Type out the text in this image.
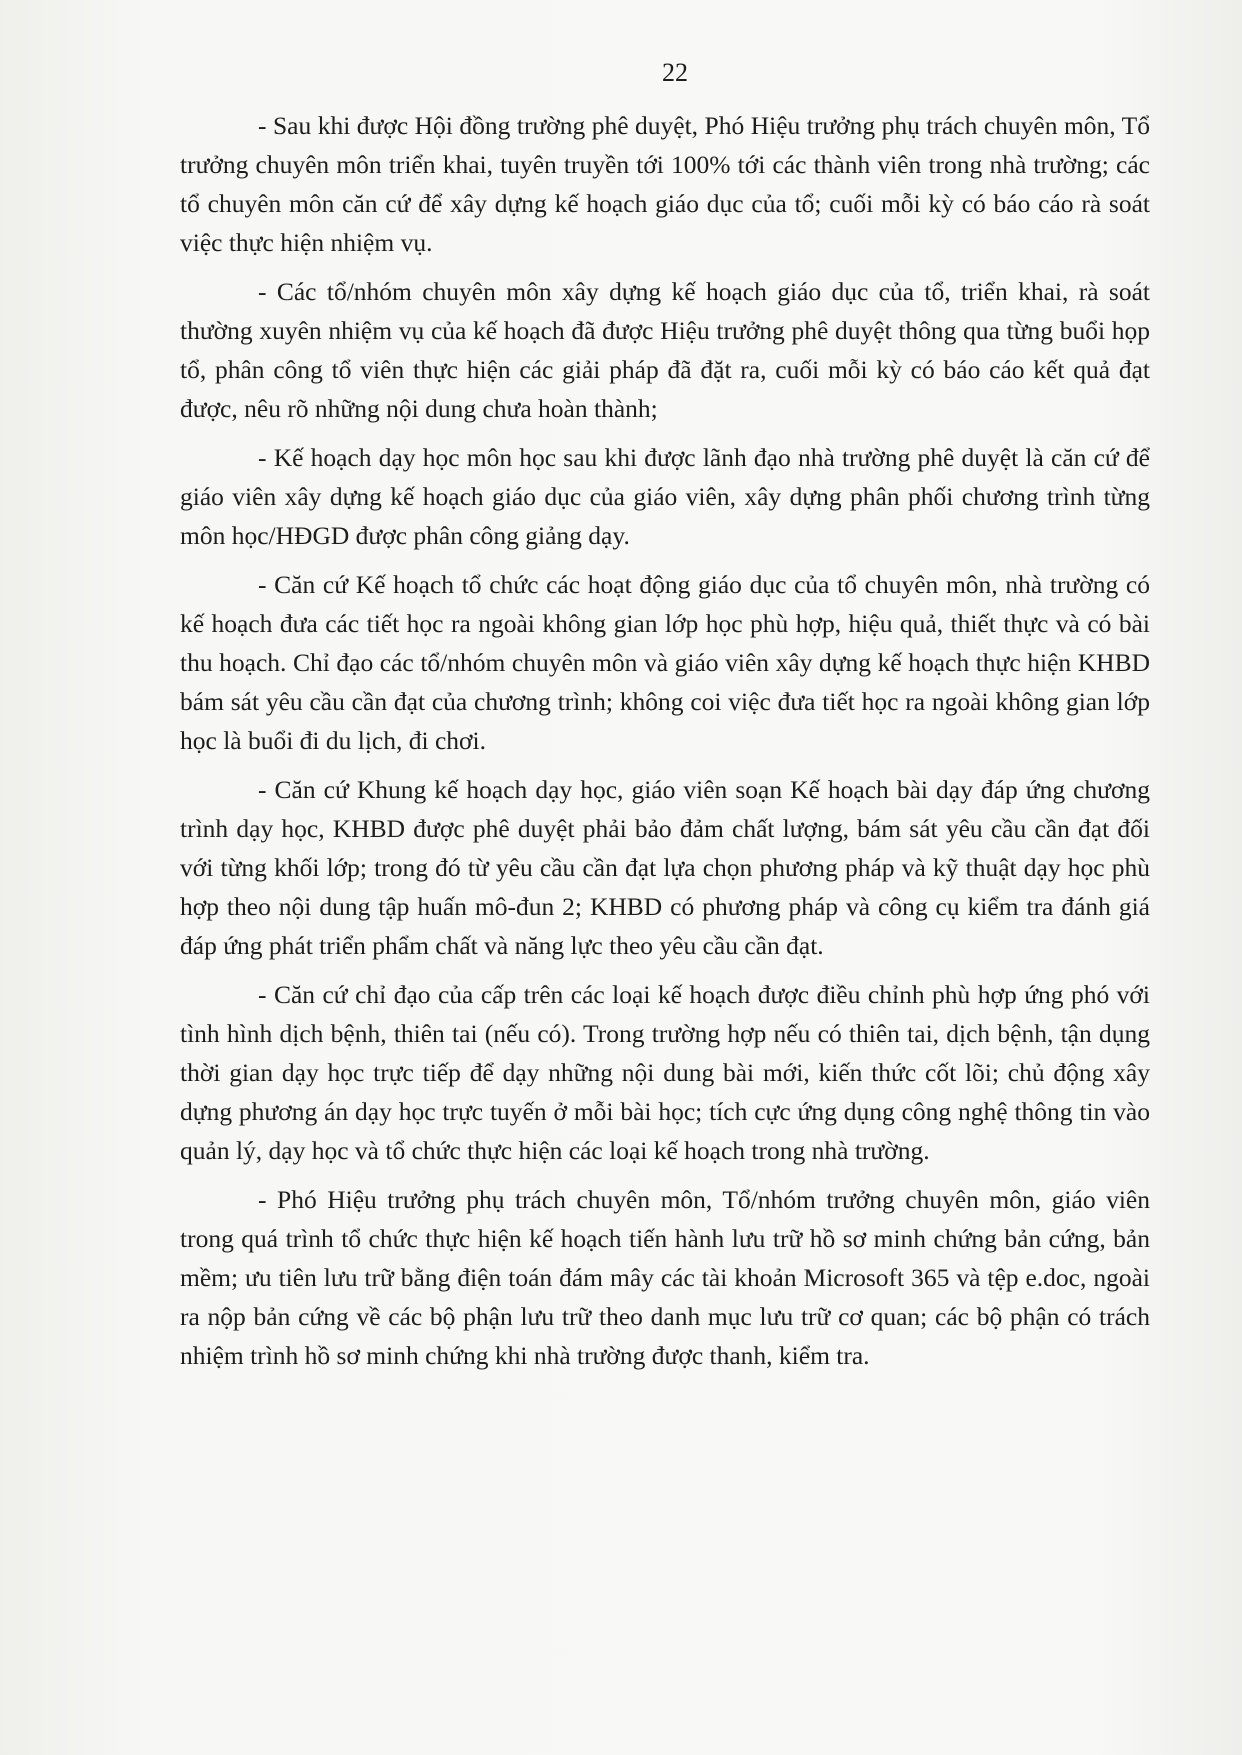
22

- Sau khi được Hội đồng trường phê duyệt, Phó Hiệu trưởng phụ trách chuyên môn, Tổ trưởng chuyên môn triển khai, tuyên truyền tới 100% tới các thành viên trong nhà trường; các tổ chuyên môn căn cứ để xây dựng kế hoạch giáo dục của tổ; cuối mỗi kỳ có báo cáo rà soát việc thực hiện nhiệm vụ.

- Các tổ/nhóm chuyên môn xây dựng kế hoạch giáo dục của tổ, triển khai, rà soát thường xuyên nhiệm vụ của kế hoạch đã được Hiệu trưởng phê duyệt thông qua từng buổi họp tổ, phân công tổ viên thực hiện các giải pháp đã đặt ra, cuối mỗi kỳ có báo cáo kết quả đạt được, nêu rõ những nội dung chưa hoàn thành;

- Kế hoạch dạy học môn học sau khi được lãnh đạo nhà trường phê duyệt là căn cứ để giáo viên xây dựng kế hoạch giáo dục của giáo viên, xây dựng phân phối chương trình từng môn học/HĐGD được phân công giảng dạy.

- Căn cứ Kế hoạch tổ chức các hoạt động giáo dục của tổ chuyên môn, nhà trường có kế hoạch đưa các tiết học ra ngoài không gian lớp học phù hợp, hiệu quả, thiết thực và có bài thu hoạch. Chỉ đạo các tổ/nhóm chuyên môn và giáo viên xây dựng kế hoạch thực hiện KHBD bám sát yêu cầu cần đạt của chương trình; không coi việc đưa tiết học ra ngoài không gian lớp học là buổi đi du lịch, đi chơi.

- Căn cứ Khung kế hoạch dạy học, giáo viên soạn Kế hoạch bài dạy đáp ứng chương trình dạy học, KHBD được phê duyệt phải bảo đảm chất lượng, bám sát yêu cầu cần đạt đối với từng khối lớp; trong đó từ yêu cầu cần đạt lựa chọn phương pháp và kỹ thuật dạy học phù hợp theo nội dung tập huấn mô-đun 2; KHBD có phương pháp và công cụ kiểm tra đánh giá đáp ứng phát triển phẩm chất và năng lực theo yêu cầu cần đạt.

- Căn cứ chỉ đạo của cấp trên các loại kế hoạch được điều chỉnh phù hợp ứng phó với tình hình dịch bệnh, thiên tai (nếu có). Trong trường hợp nếu có thiên tai, dịch bệnh, tận dụng thời gian dạy học trực tiếp để dạy những nội dung bài mới, kiến thức cốt lõi; chủ động xây dựng phương án dạy học trực tuyến ở mỗi bài học; tích cực ứng dụng công nghệ thông tin vào quản lý, dạy học và tổ chức thực hiện các loại kế hoạch trong nhà trường.

- Phó Hiệu trưởng phụ trách chuyên môn, Tổ/nhóm trưởng chuyên môn, giáo viên trong quá trình tổ chức thực hiện kế hoạch tiến hành lưu trữ hồ sơ minh chứng bản cứng, bản mềm; ưu tiên lưu trữ bằng điện toán đám mây các tài khoản Microsoft 365 và tệp e.doc, ngoài ra nộp bản cứng về các bộ phận lưu trữ theo danh mục lưu trữ cơ quan; các bộ phận có trách nhiệm trình hồ sơ minh chứng khi nhà trường được thanh, kiểm tra.
